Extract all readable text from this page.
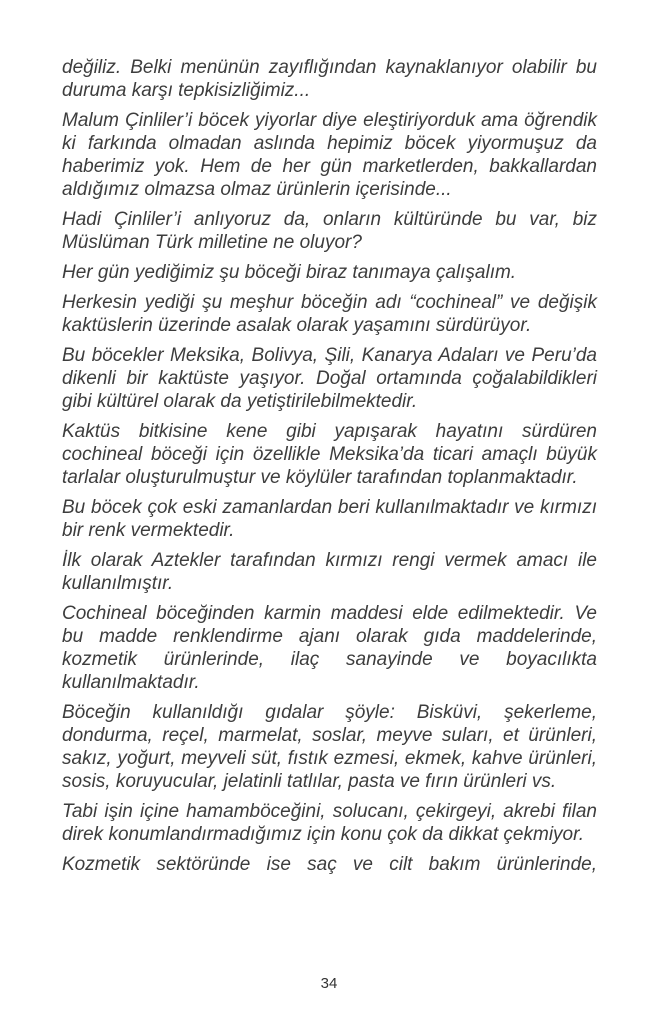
değiliz. Belki menünün zayıflığından kaynaklanıyor olabilir bu duruma karşı tepkisizliğimiz...

Malum Çinliler’i böcek yiyorlar diye eleştiriyorduk ama öğrendik ki farkında olmadan aslında hepimiz böcek yiyormuşuz da haberimiz yok. Hem de her gün marketlerden, bakkallardan aldığımız olmazsa olmaz ürünlerin içerisinde...

Hadi Çinliler’i anlıyoruz da, onların kültüründe bu var, biz Müslüman Türk milletine ne oluyor?

Her gün yediğimiz şu böceği biraz tanımaya çalışalım.

Herkesin yediği şu meşhur böceğin adı “cochineal” ve değişik kaktüslerin üzerinde asalak olarak yaşamını sürdürüyor.

Bu böcekler Meksika, Bolivya, Şili, Kanarya Adaları ve Peru’da dikenli bir kaktüste yaşıyor. Doğal ortamında çoğalabildikleri gibi kültürel olarak da yetiştirilebilmektedir.

Kaktüs bitkisine kene gibi yapışarak hayatını sürdüren cochineal böceği için özellikle Meksika’da ticari amaçlı büyük tarlalar oluşturulmuştur ve köylüler tarafından toplanmaktadır.

Bu böcek çok eski zamanlardan beri kullanılmaktadır ve kırmızı bir renk vermektedir.

İlk olarak Aztekler tarafından kırmızı rengi vermek amacı ile kullanılmıştır.

Cochineal böceğinden karmin maddesi elde edilmektedir. Ve bu madde renklendirme ajanı olarak gıda maddelerinde, kozmetik ürünlerinde, ilaç sanayinde ve boyacılıkta kullanılmaktadır.

Böceğin kullanıldığı gıdalar şöyle: Bisküvi, şekerleme, dondurma, reçel, marmelat, soslar, meyve suları, et ürünleri, sakız, yoğurt, meyveli süt, fıstık ezmesi, ekmek, kahve ürünleri, sosis, koruyucular, jelatinli tatlılar, pasta ve fırın ürünleri vs.

Tabi işin içine hamamböceğini, solucanı, çekirgeyi, akrebi filan direk konumlandırmadığımız için konu çok da dikkat çekmiyor.

Kozmetik sektöründe ise saç ve cilt bakım ürünlerinde,

34
